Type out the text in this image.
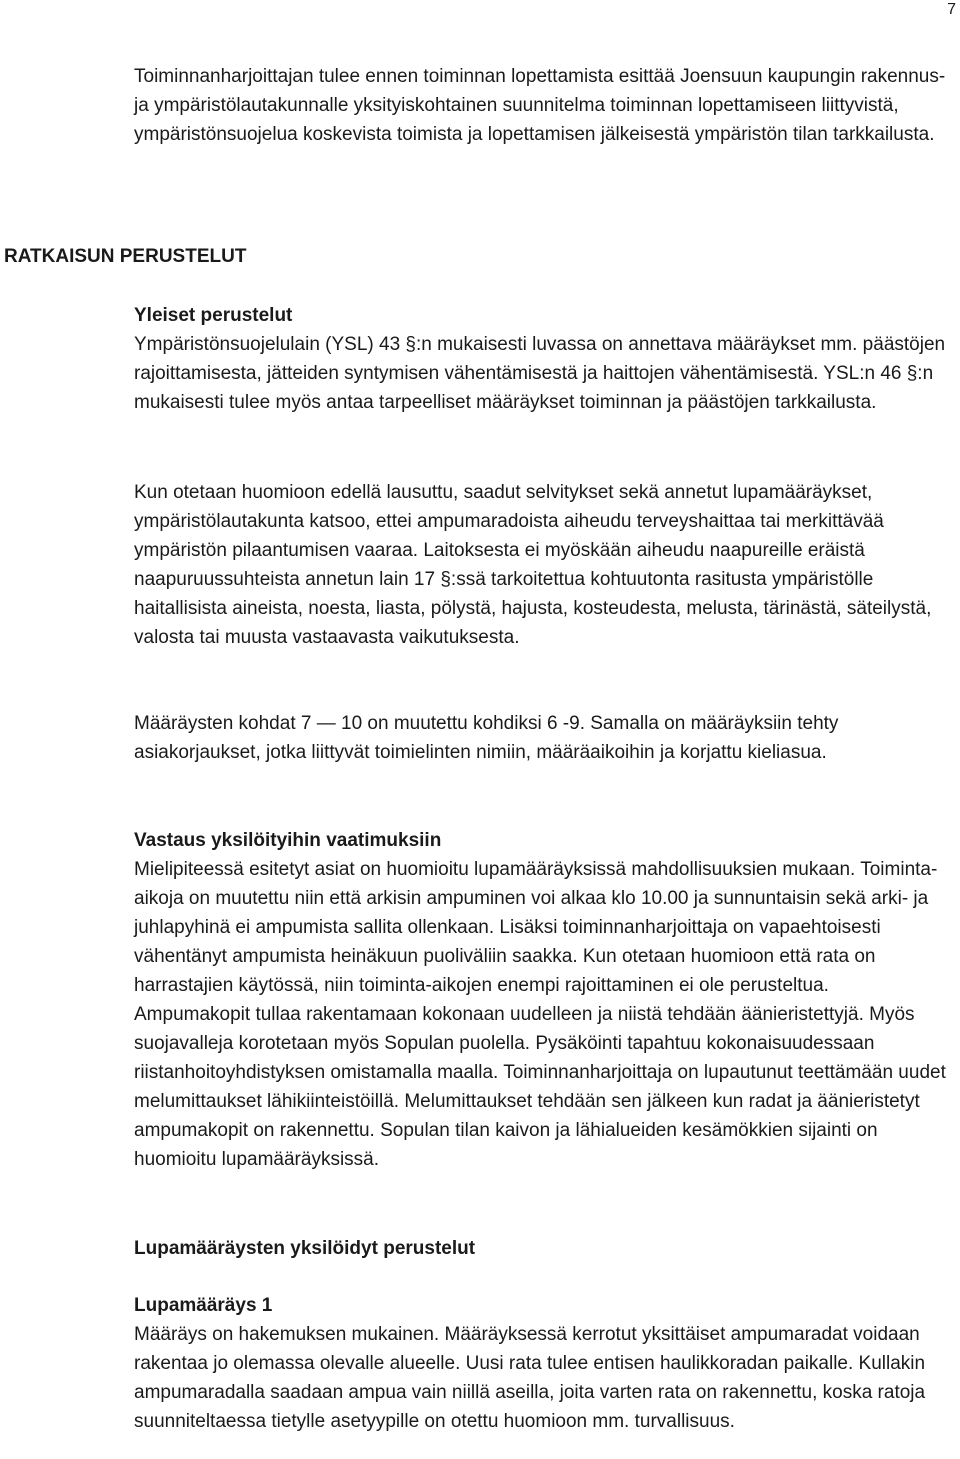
7

Toiminnanharjoittajan tulee ennen toiminnan lopettamista esittää Joensuun kaupungin rakennus- ja ympäristölautakunnalle yksityiskohtainen suunnitelma toiminnan lopettamiseen liittyvistä, ympäristönsuojelua koskevista toimista ja lopettamisen jälkeisestä ympäristön tilan tarkkailusta.

RATKAISUN PERUSTELUT
Yleiset perustelut

Ympäristönsuojelulain (YSL) 43 §:n mukaisesti luvassa on annettava määräykset mm. päästöjen rajoittamisesta, jätteiden syntymisen vähentämisestä ja haittojen vähentämisestä. YSL:n 46 §:n mukaisesti tulee myös antaa tarpeelliset määräykset toiminnan ja päästöjen tarkkailusta.

Kun otetaan huomioon edellä lausuttu, saadut selvitykset sekä annetut lupamääräykset, ympäristölautakunta katsoo, ettei ampumaradoista aiheudu terveyshaittaa tai merkittävää ympäristön pilaantumisen vaaraa. Laitoksesta ei myöskään aiheudu naapureille eräistä naapuruussuhteista annetun lain 17 §:ssä tarkoitettua kohtuutonta rasitusta ympäristölle haitallisista aineista, noesta, liasta, pölystä, hajusta, kosteudesta, melusta, tärinästä, säteilystä, valosta tai muusta vastaavasta vaikutuksesta.

Määräysten kohdat 7 — 10 on muutettu kohdiksi 6 -9. Samalla on määräyksiin tehty asiakorjaukset, jotka liittyvät toimielinten nimiin, määräaikoihin ja korjattu kieliasua.

Vastaus yksilöityihin vaatimuksiin

Mielipiteessä esitetyt asiat on huomioitu lupamääräyksissä mahdollisuuksien mukaan. Toiminta-aikoja on muutettu niin että arkisin ampuminen voi alkaa klo 10.00 ja sunnuntaisin sekä arki- ja juhlapyhinä ei ampumista sallita ollenkaan. Lisäksi toiminnanharjoittaja on vapaehtoisesti vähentänyt ampumista heinäkuun puoliväliin saakka. Kun otetaan huomioon että rata on harrastajien käytössä, niin toiminta-aikojen enempi rajoittaminen ei ole perusteltua. Ampumakopit tullaa rakentamaan kokonaan uudelleen ja niistä tehdään äänieristettyjä. Myös suojavalleja korotetaan myös Sopulan puolella. Pysäköinti tapahtuu kokonaisuudessaan riistanhoitoyhdistyksen omistamalla maalla. Toiminnanharjoittaja on lupautunut teettämään uudet melumittaukset lähikiinteistöillä. Melumittaukset tehdään sen jälkeen kun radat ja äänieristetyt ampumakopit on rakennettu. Sopulan tilan kaivon ja lähialueiden kesämökkien sijainti on huomioitu lupamääräyksissä.

Lupamääräysten yksilöidyt perustelut
Lupamääräys 1

Määräys on hakemuksen mukainen. Määräyksessä kerrotut yksittäiset ampumaradat voidaan rakentaa jo olemassa olevalle alueelle. Uusi rata tulee entisen haulikkoradan paikalle. Kullakin ampumaradalla saadaan ampua vain niillä aseilla, joita varten rata on rakennettu, koska ratoja suunniteltaessa tietylle asetyypille on otettu huomioon mm. turvallisuus.
